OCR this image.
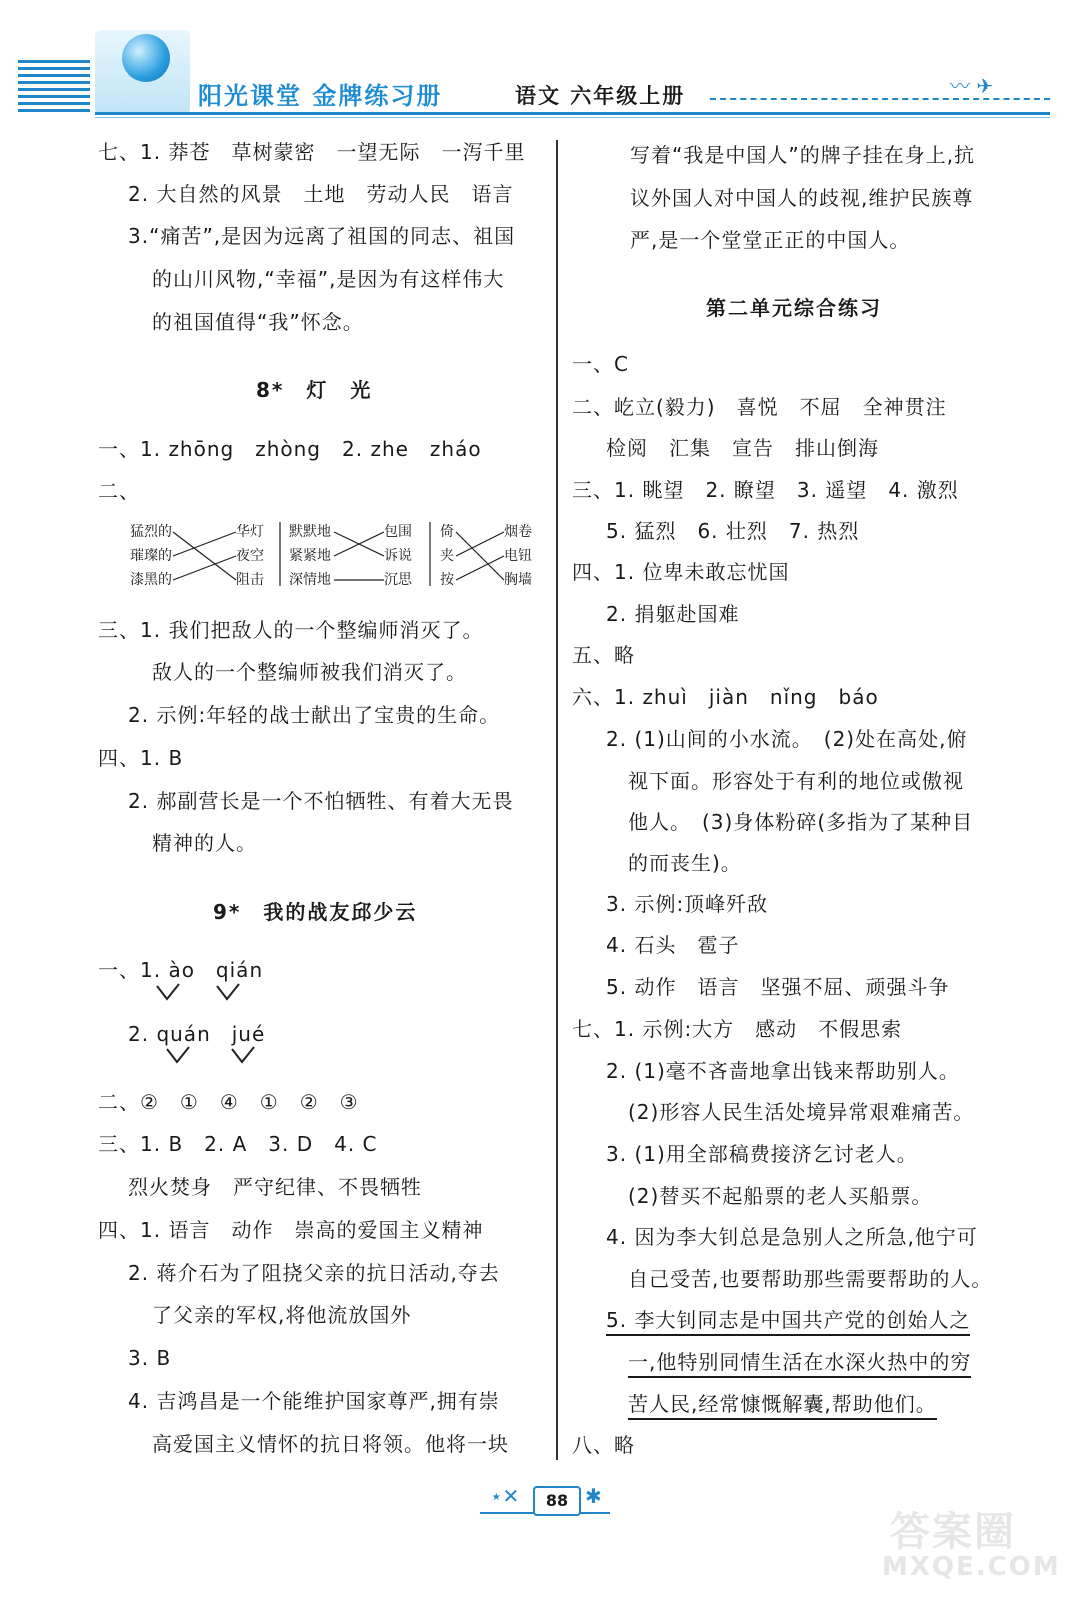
阳光课堂 金牌练习册	语文 六年级上册	〰 ✈
七、1. 莽苍　草树蒙密　一望无际　一泻千里
2. 大自然的风景　土地　劳动人民　语言
3.“痛苦”,是因为远离了祖国的同志、祖国
的山川风物,“幸福”,是因为有这样伟大
的祖国值得“我”怀念。
8*　灯　光
一、1. zhōng　zhòng　2. zhe　zháo
二、
猛烈的
璀璨的
漆黑的
华灯
夜空
阻击
默默地
紧紧地
深情地
包围
诉说
沉思
倚
夹
按
烟卷
电钮
胸墙
三、1. 我们把敌人的一个整编师消灭了。
敌人的一个整编师被我们消灭了。
2. 示例:年轻的战士献出了宝贵的生命。
四、1. B
2. 郝副营长是一个不怕牺牲、有着大无畏
精神的人。
9*　我的战友邱少云
一、1. ào　qián
2. quán　jué
二、②　①　④　①　②　③
三、1. B　2. A　3. D　4. C
烈火焚身　严守纪律、不畏牺牲
四、1. 语言　动作　崇高的爱国主义精神
2. 蒋介石为了阻挠父亲的抗日活动,夺去
了父亲的军权,将他流放国外
3. B
4. 吉鸿昌是一个能维护国家尊严,拥有崇
高爱国主义情怀的抗日将领。他将一块
写着“我是中国人”的牌子挂在身上,抗
议外国人对中国人的歧视,维护民族尊
严,是一个堂堂正正的中国人。
第二单元综合练习
一、C
二、屹立(毅力)　喜悦　不屈　全神贯注
检阅　汇集　宣告　排山倒海
三、1. 眺望　2. 瞭望　3. 遥望　4. 激烈
5. 猛烈　6. 壮烈　7. 热烈
四、1. 位卑未敢忘忧国
2. 捐躯赴国难
五、略
六、1. zhuì　jiàn　nǐng　báo
2. (1)山间的小水流。　(2)处在高处,俯
视下面。形容处于有利的地位或傲视
他人。　(3)身体粉碎(多指为了某种目
的而丧生)。
3. 示例:顶峰歼敌
4. 石头　雹子
5. 动作　语言　坚强不屈、顽强斗争
七、1. 示例:大方　感动　不假思索
2. (1)毫不吝啬地拿出钱来帮助别人。
(2)形容人民生活处境异常艰难痛苦。
3. (1)用全部稿费接济乞讨老人。
(2)替买不起船票的老人买船票。
4. 因为李大钊总是急别人之所急,他宁可
自己受苦,也要帮助那些需要帮助的人。
5. 李大钊同志是中国共产党的创始人之
一,他特别同情生活在水深火热中的穷
苦人民,经常慷慨解囊,帮助他们。
八、略
⋆✕	✱
88
答案圈
MXQE.COM
